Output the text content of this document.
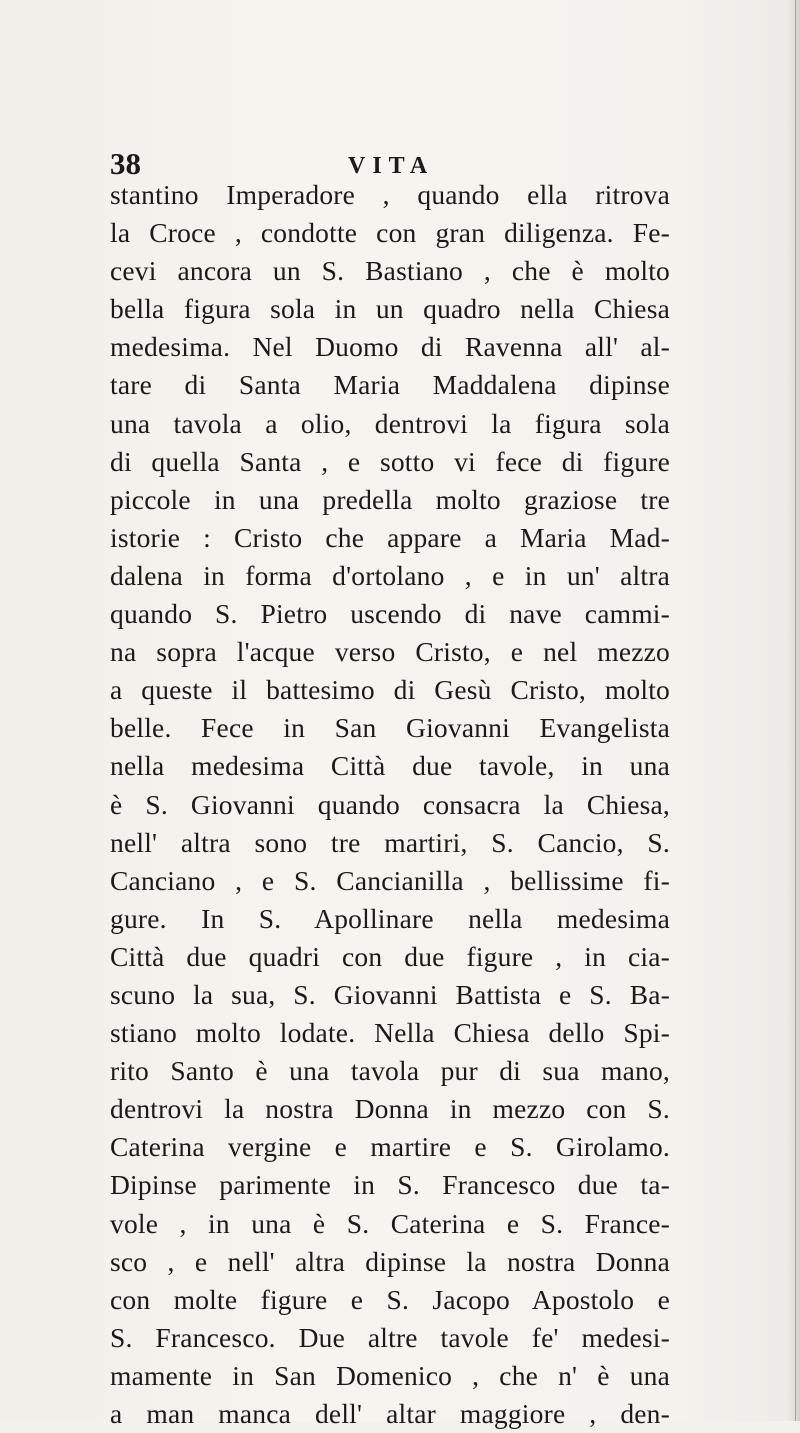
38	VITA
stantino Imperadore , quando ella ritrova
la Croce , condotte con gran diligenza. Fe-
cevi ancora un S. Bastiano , che è molto
bella figura sola in un quadro nella Chiesa
medesima. Nel Duomo di Ravenna all' al-
tare di Santa Maria Maddalena dipinse
una tavola a olio, dentrovi la figura sola
di quella Santa , e sotto vi fece di figure
piccole in una predella molto graziose tre
istorie : Cristo che appare a Maria Mad-
dalena in forma d'ortolano , e in un' altra
quando S. Pietro uscendo di nave cammi-
na sopra l'acque verso Cristo, e nel mezzo
a queste il battesimo di Gesù Cristo, molto
belle. Fece in San Giovanni Evangelista
nella medesima Città due tavole, in una
è S. Giovanni quando consacra la Chiesa,
nell' altra sono tre martiri, S. Cancio, S.
Canciano , e S. Cancianilla , bellissime fi-
gure. In S. Apollinare nella medesima
Città due quadri con due figure , in cia-
scuno la sua, S. Giovanni Battista e S. Ba-
stiano molto lodate. Nella Chiesa dello Spi-
rito Santo è una tavola pur di sua mano,
dentrovi la nostra Donna in mezzo con S.
Caterina vergine e martire e S. Girolamo.
Dipinse parimente in S. Francesco due ta-
vole , in una è S. Caterina e S. France-
sco , e nell' altra dipinse la nostra Donna
con molte figure e S. Jacopo Apostolo e
S. Francesco. Due altre tavole fe' medesi-
mamente in San Domenico , che n' è una
a man manca dell' altar maggiore , den-
